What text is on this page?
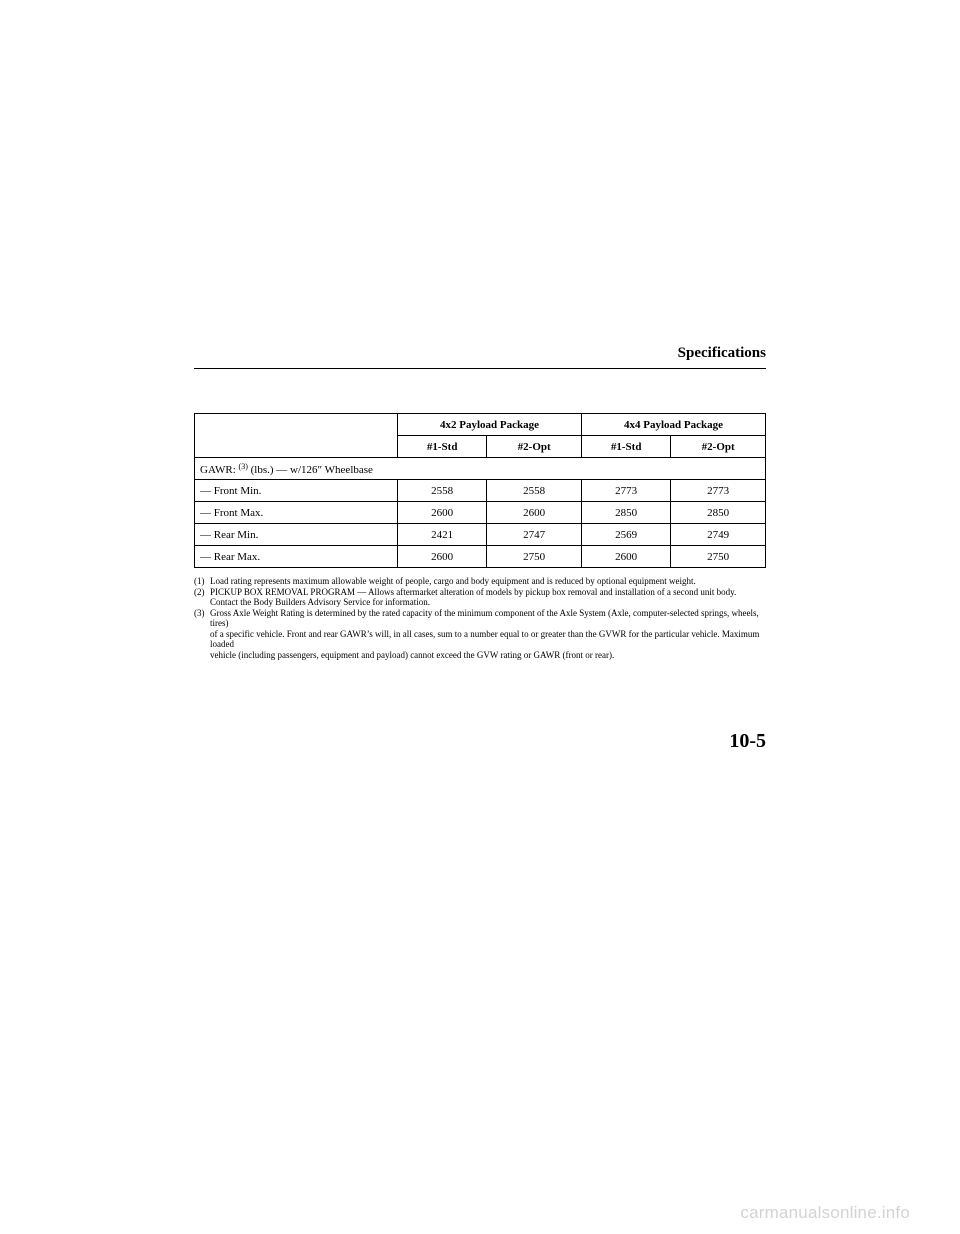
Specifications
	4x2 Payload Package		4x4 Payload Package	
	#1-Std	#2-Opt	#1-Std	#2-Opt
GAWR: $^{(3)}$ (lbs.) — w/126″ Wheelbase				
— Front Min.	2558	2558	2773	2773
— Front Max.	2600	2600	2850	2850
— Rear Min.	2421	2747	2569	2749
— Rear Max.	2600	2750	2600	2750
(1) Load rating represents maximum allowable weight of people, cargo and body equipment and is reduced by optional equipment weight.
(2) PICKUP BOX REMOVAL PROGRAM — Allows aftermarket alteration of models by pickup box removal and installation of a second unit body.
Contact the Body Builders Advisory Service for information.
(3) Gross Axle Weight Rating is determined by the rated capacity of the minimum component of the Axle System (Axle, computer-selected springs, wheels, tires)
of a specific vehicle. Front and rear GAWR’s will, in all cases, sum to a number equal to or greater than the GVWR for the particular vehicle. Maximum loaded
vehicle (including passengers, equipment and payload) cannot exceed the GVW rating or GAWR (front or rear).
10-5
carmanualsonline.info
